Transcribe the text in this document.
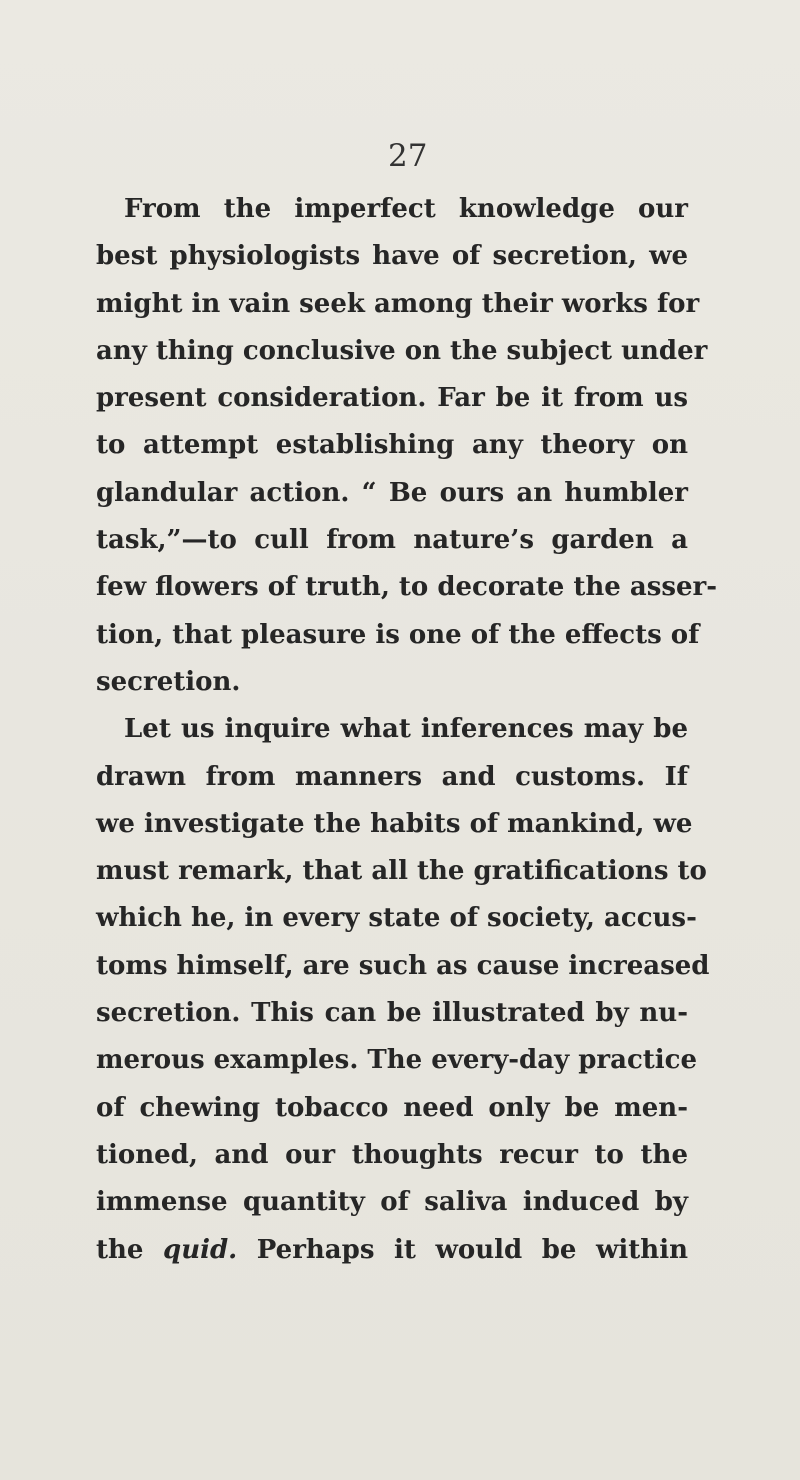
27

From the imperfect knowledge our
best physiologists have of secretion, we
might in vain seek among their works for
any thing conclusive on the subject under
present consideration. Far be it from us
to attempt establishing any theory on
glandular action. “ Be ours an humbler
task,”—to cull from nature’s garden a
few flowers of truth, to decorate the asser-
tion, that pleasure is one of the effects of
secretion.
Let us inquire what inferences may be
drawn from manners and customs. If
we investigate the habits of mankind, we
must remark, that all the gratifications to
which he, in every state of society, accus-
toms himself, are such as cause increased
secretion. This can be illustrated by nu-
merous examples. The every-day practice
of chewing tobacco need only be men-
tioned, and our thoughts recur to the
immense quantity of saliva induced by
the quid. Perhaps it would be within
